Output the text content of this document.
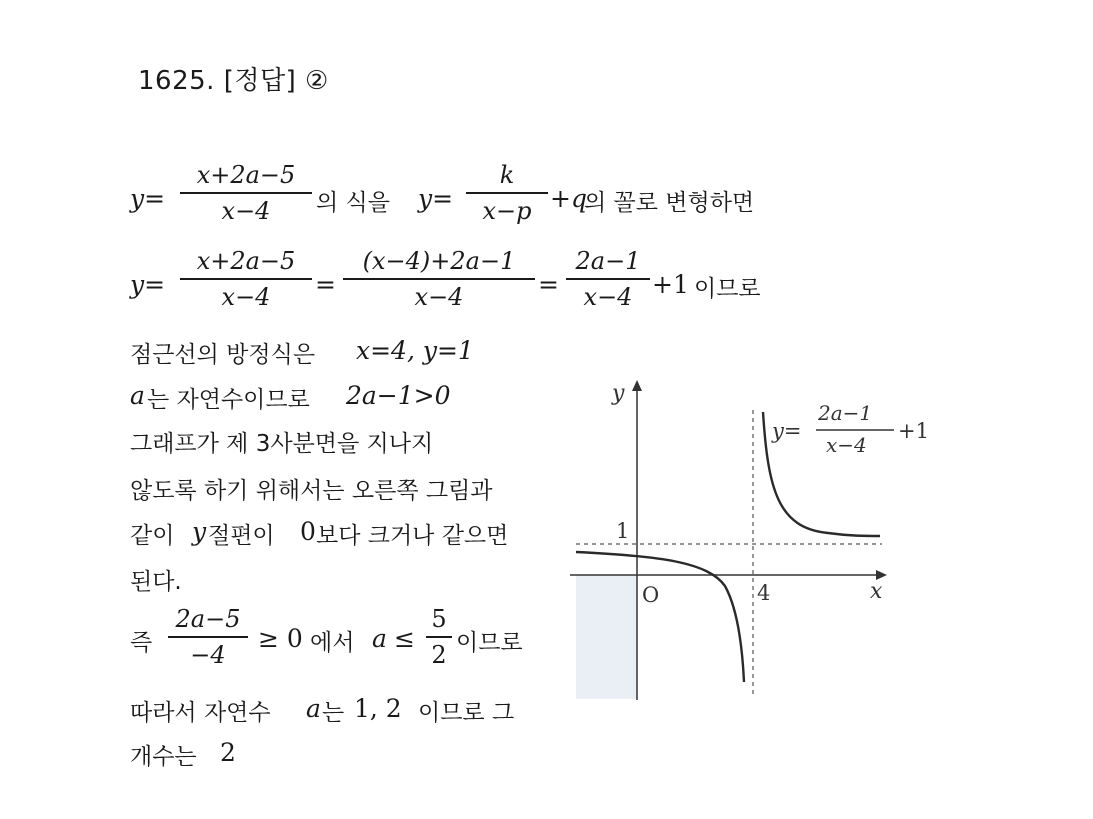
1625. [정답] ②
y=
x+2a−5
x−4	의 식을 y=
k
x−p +q
의 꼴로 변형하면
y=
x+2a−5
x−4	=
(x−4)+2a−1
x−4	=
2a−1
x−4 +1 이므로
점근선의 방정식은 x=4, y=1
a 는 자연수이므로 2a−1>0
그래프가 제 3사분면을 지나지
않도록 하기 위해서는 오른쪽 그림과
같이 y 절편이 0 보다 크거나 같으면
된다.
즉
2a−5
−4
≥ 0 에서 a ≤
5
2 이므로
따라서 자연수 a 는 1, 2 이므로 그
개수는 2
y
x
O	4
1
y=
2a−1
x−4
+1
